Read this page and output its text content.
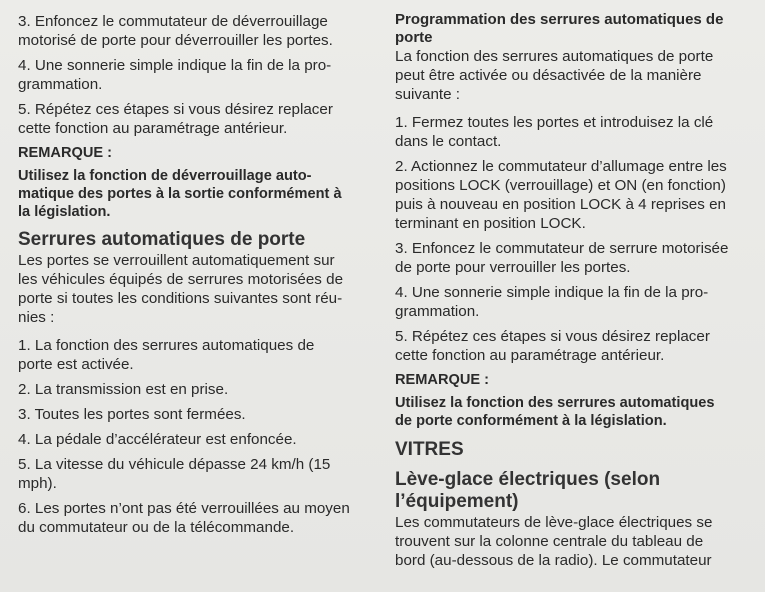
3. Enfoncez le commutateur de déverrouillage

motorisé de porte pour déverrouiller les portes.

4. Une sonnerie simple indique la fin de la pro-

grammation.

5. Répétez ces étapes si vous désirez replacer

cette fonction au paramétrage antérieur.

REMARQUE :

Utilisez la fonction de déverrouillage auto-

matique des portes à la sortie conformément à

la législation.

Serrures automatiques de porte

Les portes se verrouillent automatiquement sur

les véhicules équipés de serrures motorisées de

porte si toutes les conditions suivantes sont réu-

nies :

1. La fonction des serrures automatiques de

porte est activée.

2. La transmission est en prise.

3. Toutes les portes sont fermées.

4. La pédale d’accélérateur est enfoncée.

5. La vitesse du véhicule dépasse 24 km/h (15

mph).

6. Les portes n’ont pas été verrouillées au moyen

du commutateur ou de la télécommande.

Programmation des serrures automatiques de

porte

La fonction des serrures automatiques de porte

peut être activée ou désactivée de la manière

suivante :

1. Fermez toutes les portes et introduisez la clé

dans le contact.

2. Actionnez le commutateur d’allumage entre les

positions LOCK (verrouillage) et ON (en fonction)

puis à nouveau en position LOCK à 4 reprises en

terminant en position LOCK.

3. Enfoncez le commutateur de serrure motorisée

de porte pour verrouiller les portes.

4. Une sonnerie simple indique la fin de la pro-

grammation.

5. Répétez ces étapes si vous désirez replacer

cette fonction au paramétrage antérieur.

REMARQUE :

Utilisez la fonction des serrures automatiques

de porte conformément à la législation.

VITRES

Lève-glace électriques (selon

l’équipement)

Les commutateurs de lève-glace électriques se

trouvent sur la colonne centrale du tableau de

bord (au-dessous de la radio). Le commutateur
